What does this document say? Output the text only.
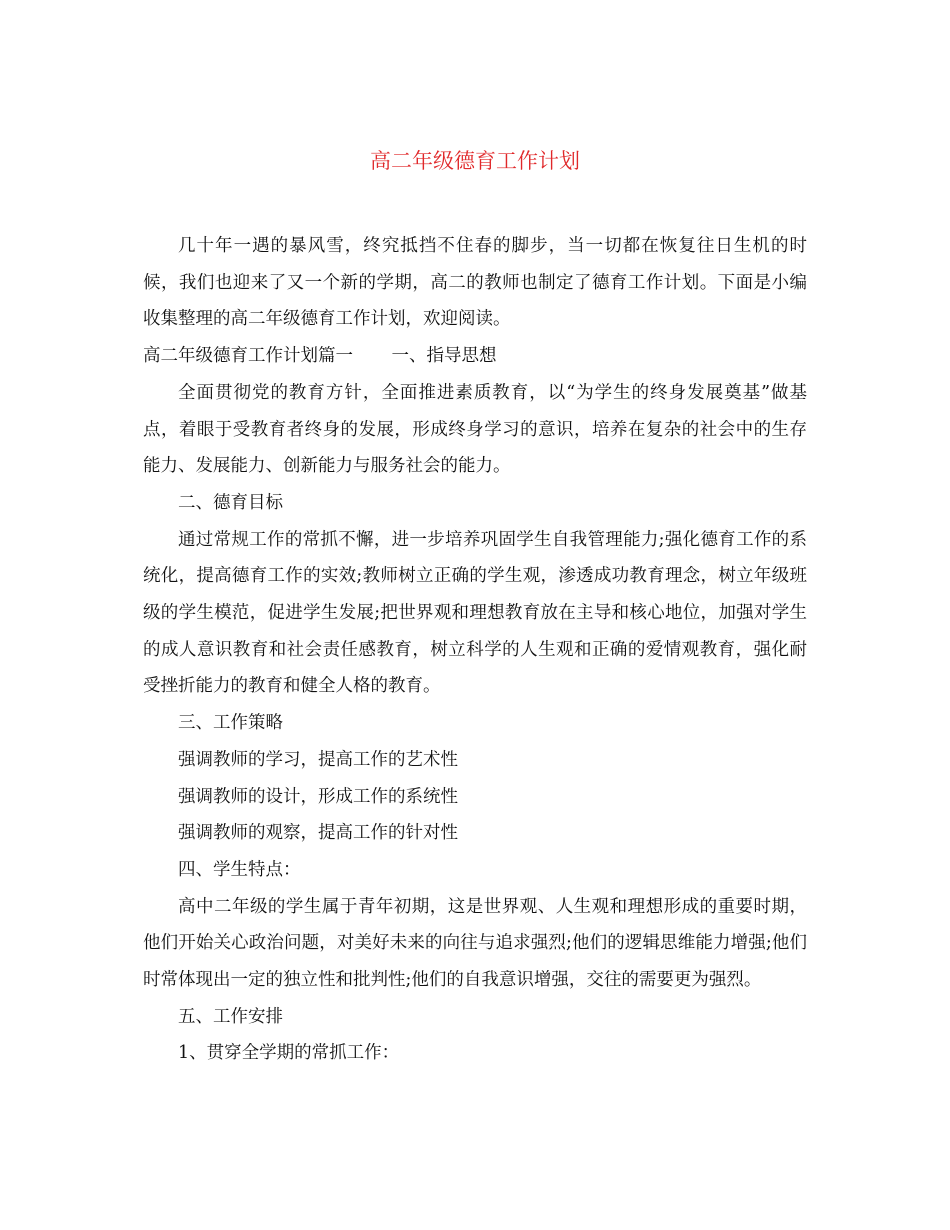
高二年级德育工作计划

几十年一遇的暴风雪，终究抵挡不住春的脚步，当一切都在恢复往日生机的时候，我们也迎来了又一个新的学期，高二的教师也制定了德育工作计划。下面是小编收集整理的高二年级德育工作计划，欢迎阅读。

高二年级德育工作计划篇一 一、指导思想

全面贯彻党的教育方针，全面推进素质教育，以“为学生的终身发展奠基”做基点，着眼于受教育者终身的发展，形成终身学习的意识，培养在复杂的社会中的生存能力、发展能力、创新能力与服务社会的能力。

二、德育目标

通过常规工作的常抓不懈，进一步培养巩固学生自我管理能力;强化德育工作的系统化，提高德育工作的实效;教师树立正确的学生观，渗透成功教育理念，树立年级班级的学生模范，促进学生发展;把世界观和理想教育放在主导和核心地位，加强对学生的成人意识教育和社会责任感教育，树立科学的人生观和正确的爱情观教育，强化耐受挫折能力的教育和健全人格的教育。

三、工作策略

强调教师的学习，提高工作的艺术性

强调教师的设计，形成工作的系统性

强调教师的观察，提高工作的针对性

四、学生特点：

高中二年级的学生属于青年初期，这是世界观、人生观和理想形成的重要时期，他们开始关心政治问题，对美好未来的向往与追求强烈;他们的逻辑思维能力增强;他们时常体现出一定的独立性和批判性;他们的自我意识增强，交往的需要更为强烈。

五、工作安排

1、贯穿全学期的常抓工作：
